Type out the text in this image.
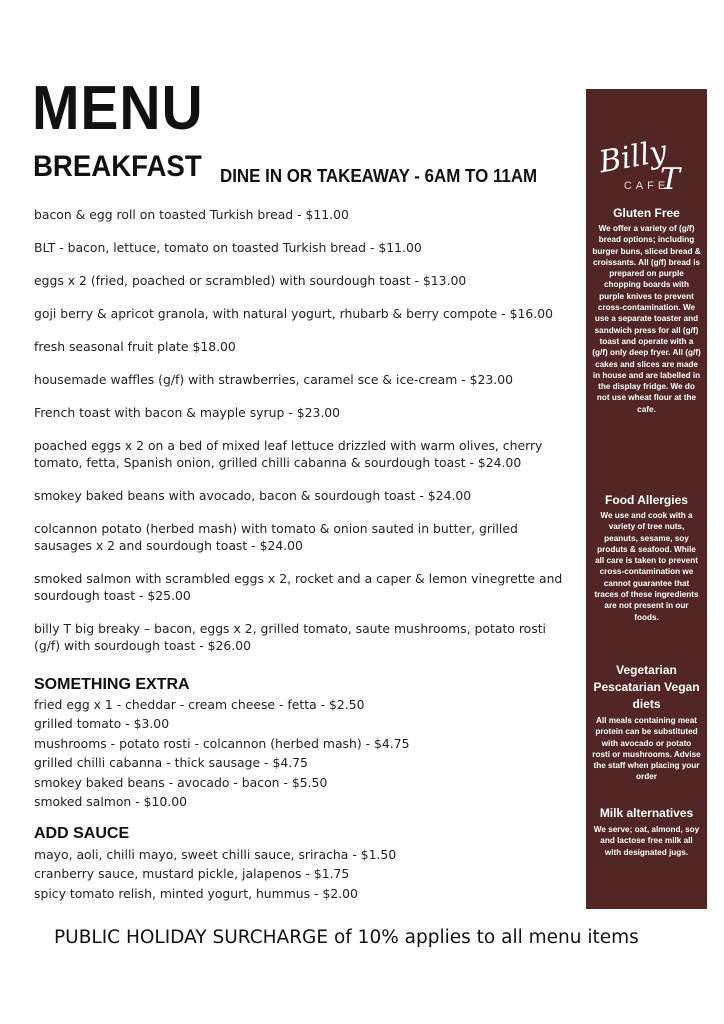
MENU
BREAKFAST DINE IN OR TAKEAWAY - 6AM TO 11AM
bacon & egg roll on toasted Turkish bread - $11.00
BLT - bacon, lettuce, tomato on toasted Turkish bread - $11.00
eggs x 2 (fried, poached or scrambled) with sourdough toast - $13.00
goji berry & apricot granola, with natural yogurt, rhubarb & berry compote - $16.00
fresh seasonal fruit plate $18.00
housemade waffles (g/f) with strawberries, caramel sce & ice-cream - $23.00
French toast with bacon & mayple syrup - $23.00
poached eggs x 2 on a bed of mixed leaf lettuce drizzled with warm olives, cherry tomato, fetta, Spanish onion, grilled chilli cabanna & sourdough toast - $24.00
smokey baked beans with avocado, bacon & sourdough toast - $24.00
colcannon potato (herbed mash) with tomato & onion sauted in butter, grilled sausages x 2 and sourdough toast - $24.00
smoked salmon with scrambled eggs x 2, rocket and a caper & lemon vinegrette and sourdough toast - $25.00
billy T big breaky – bacon, eggs x 2, grilled tomato, saute mushrooms, potato rosti (g/f) with sourdough toast - $26.00
SOMETHING EXTRA
fried egg x 1 - cheddar - cream cheese - fetta - $2.50
grilled tomato - $3.00
mushrooms - potato rosti - colcannon (herbed mash) - $4.75
grilled chilli cabanna - thick sausage - $4.75
smokey baked beans - avocado - bacon - $5.50
smoked salmon - $10.00
ADD SAUCE
mayo, aoli, chilli mayo, sweet chilli sauce, sriracha - $1.50
cranberry sauce, mustard pickle, jalapenos - $1.75
spicy tomato relish, minted yogurt, hummus - $2.00
PUBLIC HOLIDAY SURCHARGE of 10% applies to all menu items
Billy
T
CAFE
Gluten Free
We offer a variety of (g/f) bread options; including burger buns, sliced bread & croissants. All (g/f) bread is prepared on purple chopping boards with purple knives to prevent cross-contamination. We use a separate toaster and sandwich press for all (g/f) toast and operate with a (g/f) only deep fryer. All (g/f) cakes and slices are made in house and are labelled in the display fridge. We do not use wheat flour at the cafe.
Food Allergies
We use and cook with a variety of tree nuts, peanuts, sesame, soy produts & seafood. While all care is taken to prevent cross-contamination we cannot guarantee that traces of these ingredients are not present in our foods.
Vegetarian Pescatarian Vegan diets
All meals containing meat protein can be substituted with avocado or potato rosti or mushrooms. Advise the staff when placing your order
Milk alternatives
We serve; oat, almond, soy and lactose free milk all with designated jugs.
